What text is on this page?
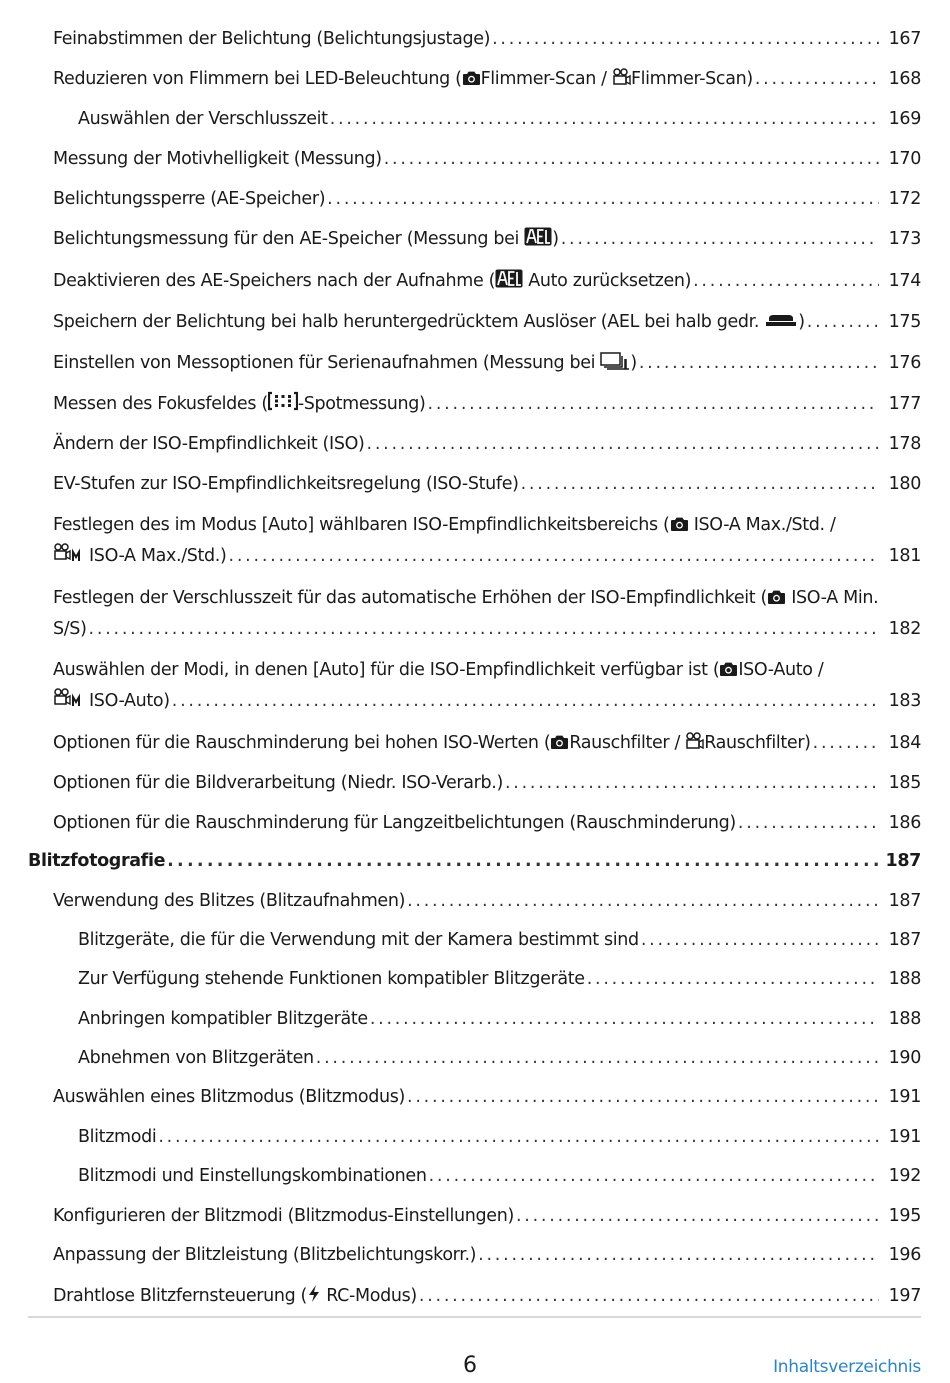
Feinabstimmen der Belichtung (Belichtungsjustage) . . .	167
Reduzieren von Flimmern bei LED-Beleuchtung ( Flimmer-Scan /
Flimmer-Scan) . . .	168
Auswählen der Verschlusszeit . . .	169
Messung der Motivhelligkeit (Messung) . . .	170
Belichtungssperre (AE-Speicher) . . .	172
Belichtungsmessung für den AE-Speicher (Messung bei
) . . .	173
Deaktivieren des AE-Speichers nach der Aufnahme (
Auto zurücksetzen) . . .	174
Speichern der Belichtung bei halb heruntergedrücktem Auslöser (AEL bei halb gedr.
) . . .	175
Einstellen von Messoptionen für Serienaufnahmen (Messung bei
) . . .	176
Messen des Fokusfeldes ( -Spotmessung) . . .	177
Ändern der ISO-Empfindlichkeit (ISO) . . .	178
EV-Stufen zur ISO-Empfindlichkeitsregelung (ISO-Stufe) . . .	180
Festlegen des im Modus [Auto] wählbaren ISO-Empfindlichkeitsbereichs (
ISO-A Max./Std. /
ISO-A Max./Std.) . . .	181
Festlegen der Verschlusszeit für das automatische Erhöhen der ISO-Empfindlichkeit (
ISO-A Min.
S/S) . . .	182
Auswählen der Modi, in denen [Auto] für die ISO-Empfindlichkeit verfügbar ist ( ISO-Auto /
ISO-Auto) . . .	183
Optionen für die Rauschminderung bei hohen ISO-Werten ( Rauschfilter /
Rauschfilter) . . .	184
Optionen für die Bildverarbeitung (Niedr. ISO-Verarb.) . . .	185
Optionen für die Rauschminderung für Langzeitbelichtungen (Rauschminderung) . . .	186
Blitzfotografie . . .	187
Verwendung des Blitzes (Blitzaufnahmen) . . .	187
Blitzgeräte, die für die Verwendung mit der Kamera bestimmt sind . . .	187
Zur Verfügung stehende Funktionen kompatibler Blitzgeräte . . .	188
Anbringen kompatibler Blitzgeräte . . .	188
Abnehmen von Blitzgeräten . . .	190
Auswählen eines Blitzmodus (Blitzmodus) . . .	191
Blitzmodi . . .	191
Blitzmodi und Einstellungskombinationen . . .	192
Konfigurieren der Blitzmodi (Blitzmodus-Einstellungen) . . .	195
Anpassung der Blitzleistung (Blitzbelichtungskorr.) . . .	196
Drahtlose Blitzfernsteuerung (
RC-Modus) . . .	197
6	Inhaltsverzeichnis
